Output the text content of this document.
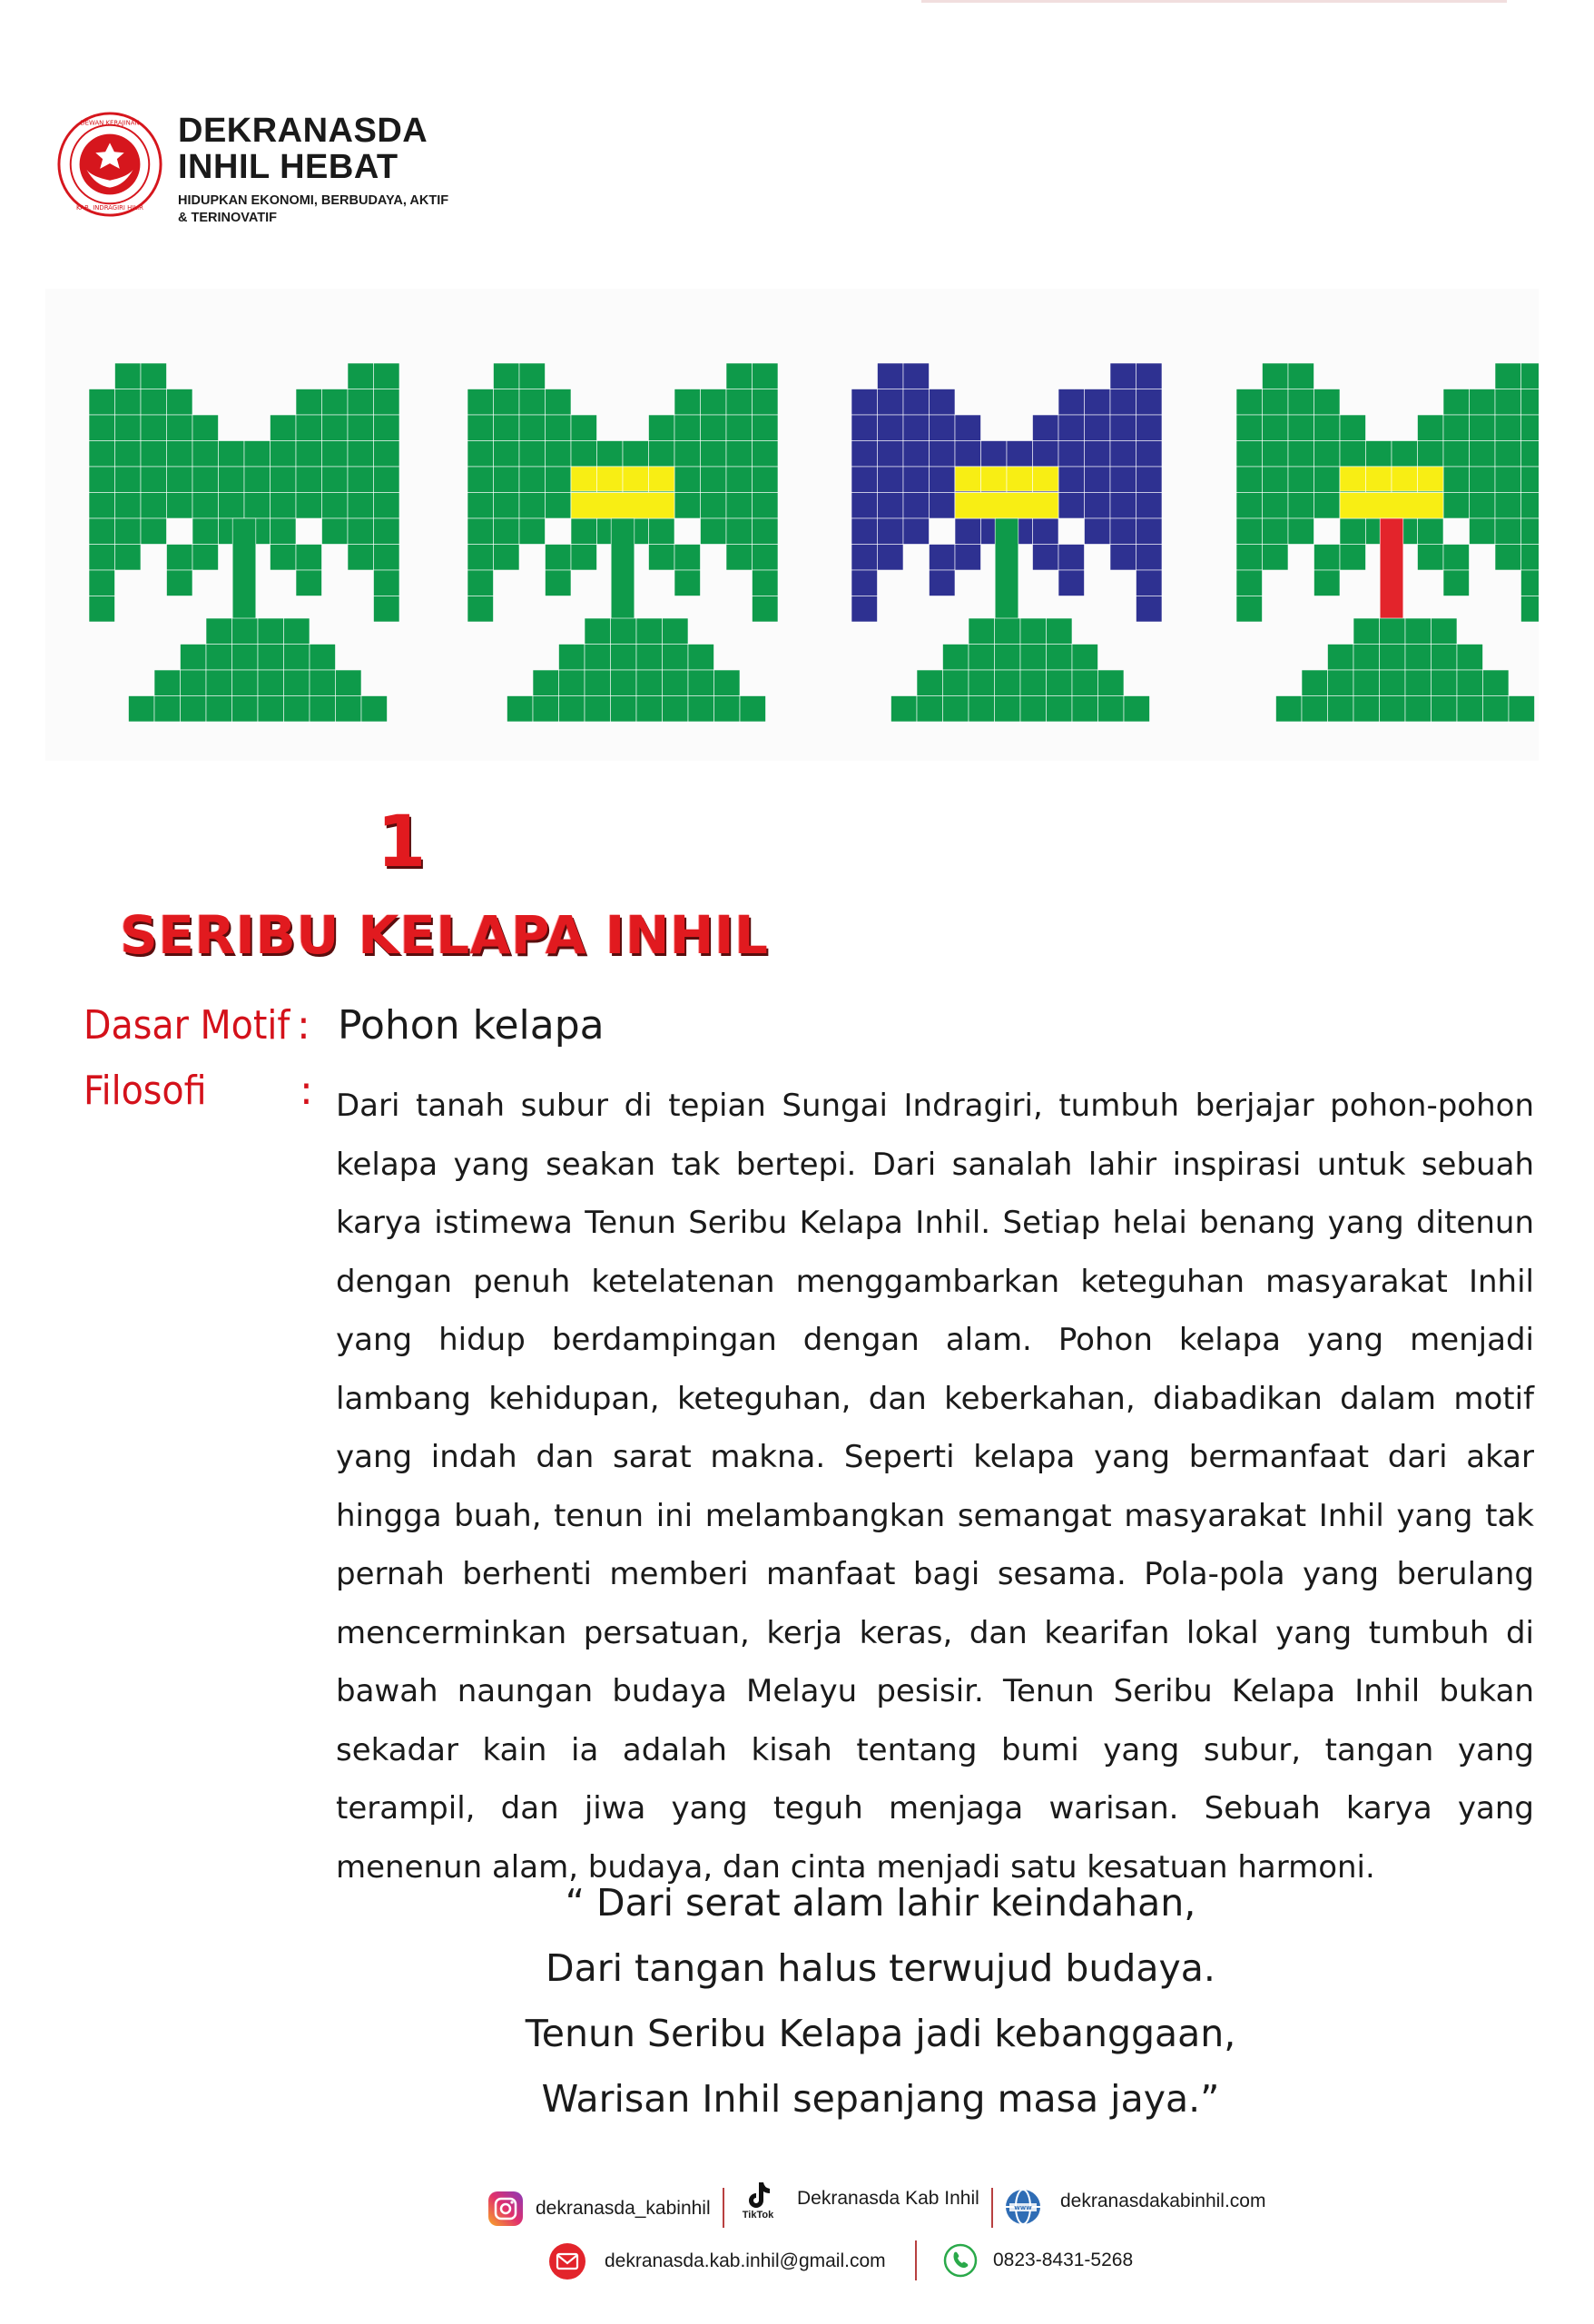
DEWAN KERAJINAN
KAB. INDRAGIRI HILIR
DEKRANASDA
INHIL HEBAT
HIDUPKAN EKONOMI, BERBUDAYA, AKTIF & TERINOVATIF
1
SERIBU KELAPA INHIL
Dasar Motif : Pohon kelapa
Filosofi : Dari tanah subur di tepian Sungai Indragiri, tumbuh berjajar pohon-pohon kelapa yang seakan tak bertepi. Dari sanalah lahir inspirasi untuk sebuah karya istimewa Tenun Seribu Kelapa Inhil. Setiap helai benang yang ditenun dengan penuh ketelatenan menggambarkan keteguhan masyarakat Inhil yang hidup berdampingan dengan alam. Pohon kelapa yang menjadi lambang kehidupan, keteguhan, dan keberkahan, diabadikan dalam motif yang indah dan sarat makna. Seperti kelapa yang bermanfaat dari akar hingga buah, tenun ini melambangkan semangat masyarakat Inhil yang tak pernah berhenti memberi manfaat bagi sesama. Pola-pola yang berulang mencerminkan persatuan, kerja keras, dan kearifan lokal yang tumbuh di bawah naungan budaya Melayu pesisir. Tenun Seribu Kelapa Inhil bukan sekadar kain ia adalah kisah tentang bumi yang subur, tangan yang terampil, dan jiwa yang teguh menjaga warisan. Sebuah karya yang menenun alam, budaya, dan cinta menjadi satu kesatuan harmoni.
“ Dari serat alam lahir keindahan,
Dari tangan halus terwujud budaya.
Tenun Seribu Kelapa jadi kebanggaan,
Warisan Inhil sepanjang masa jaya.”
dekranasda_kabinhil	TikTok
Dekranasda Kab Inhil	www dekranasdakabinhil.com
dekranasda.kab.inhil@gmail.com	0823-8431-5268
